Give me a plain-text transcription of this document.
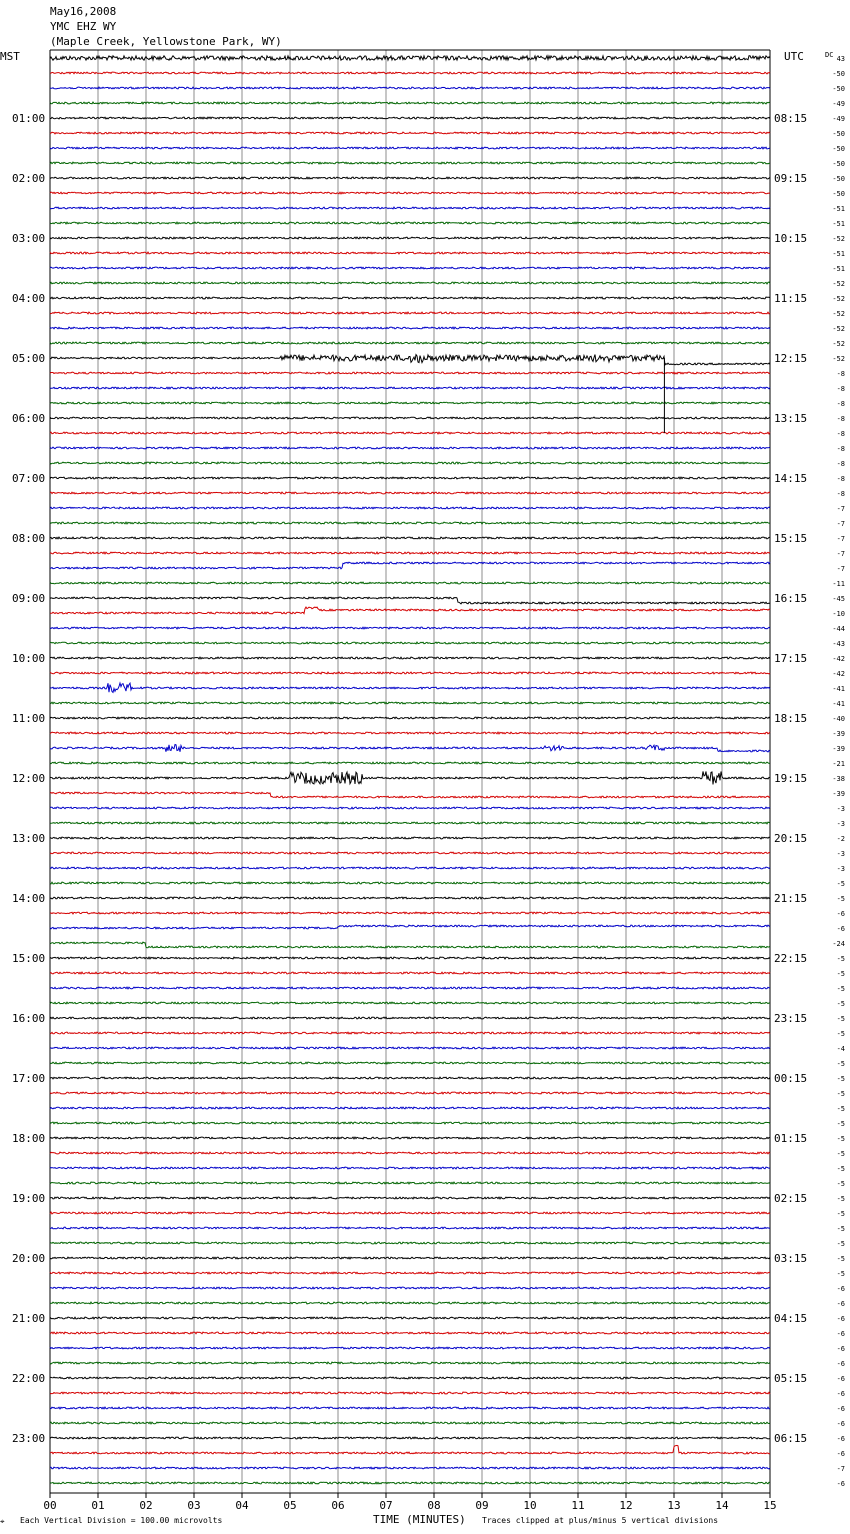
May16,2008
YMC EHZ WY
(Maple Creek, Yellowstone Park, WY)
MST	UTC
00	01	02	03	04	05	06	07	08	09	10	11	12	13	14	15
43
-50
-50
-49
-49
-50
-50
-50
-50
-50
-51
-51
-52
-51
-51
-52
-52
-52
-52
-52
-52
-8
-8
-8
-8
-8
-8
-8
-8
-8
-7
-7
-7
-7
-7
-11
-45
-10
-44
-43
-42
-42
-41
-41
-40
-39
-39
-21
-38
-39
-3
-3
-2
-3
-3
-5
-5
-6
-6
-24
-5
-5
-5
-5
-5
-5
-4
-5
-5
-5
-5
-5
-5
-5
-5
-5
-5
-5
-5
-5
-5
-5
-6
-6
-6
-6
-6
-6
-6
-6
-6
-6
-6
-6
-7
-6
01:00
02:00
03:00
04:00
05:00
06:00
07:00
08:00
09:00
10:00
11:00
12:00
13:00
14:00
15:00
16:00
17:00
18:00
19:00
20:00
21:00
22:00
23:00
08:15
09:15
10:15
11:15
12:15
13:15
14:15
15:15
16:15
17:15
18:15
19:15
20:15
21:15
22:15
23:15
00:15
01:15
02:15
03:15
04:15
05:15
06:15
DC
⌖ Each Vertical Division = 100.00 microvolts	TIME (MINUTES) Traces clipped at plus/minus 5 vertical divisions
